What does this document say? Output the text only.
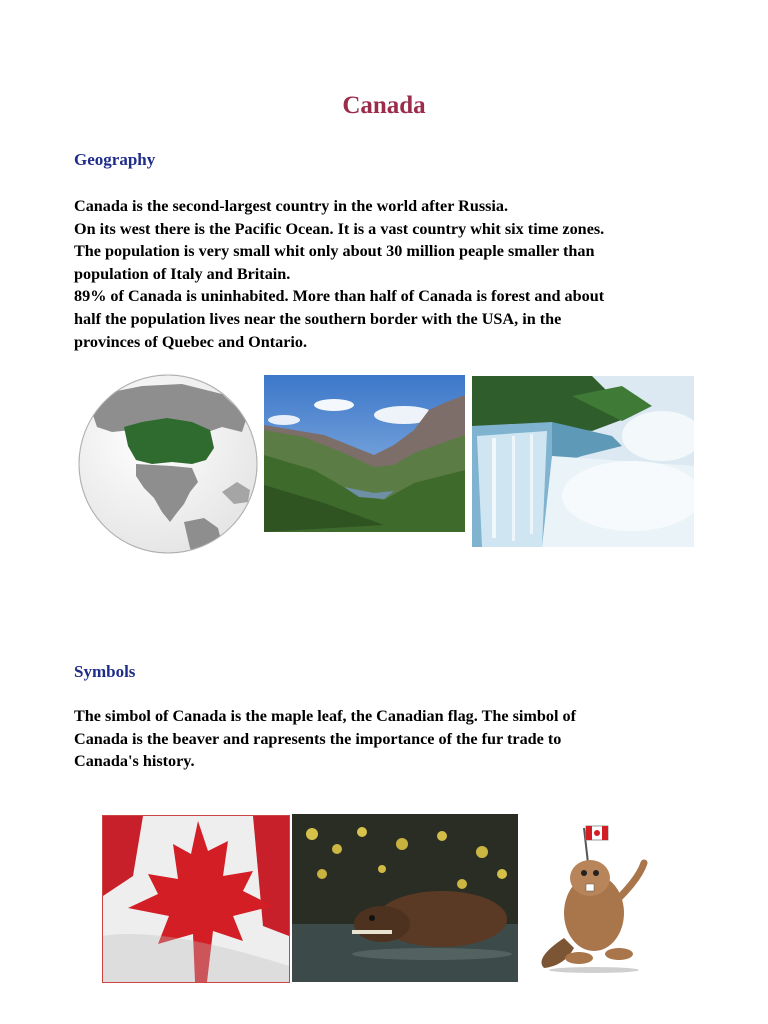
Canada
Geography
Canada is the second-largest country in the world after Russia.
On its west there is the Pacific Ocean. It is a vast country whit six time zones.
The population is very small whit only about 30 million peaple smaller than
population of Italy and Britain.
89% of Canada is uninhabited. More than half of Canada is forest and about
half the population lives near the southern border with the USA, in the
provinces of Quebec and Ontario.
Symbols
The simbol of Canada is the maple leaf, the Canadian flag. The simbol of
Canada is the beaver and rapresents the importance of the fur trade to
Canada's history.
